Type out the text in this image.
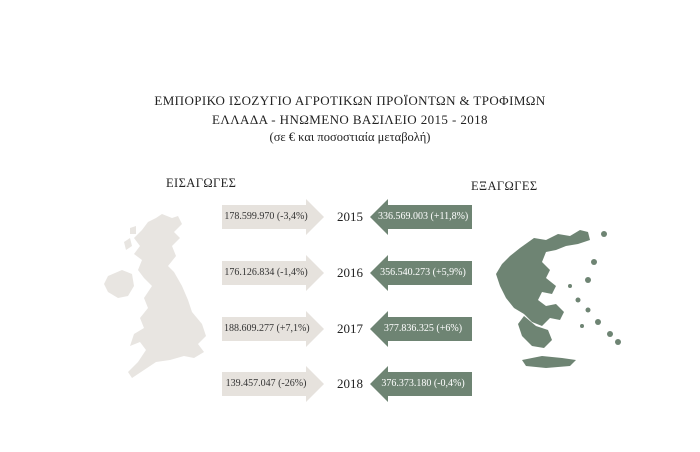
ΕΜΠΟΡΙΚΟ ΙΣΟΖΥΓΙΟ ΑΓΡΟΤΙΚΩΝ ΠΡΟΪΟΝΤΩΝ & ΤΡΟΦΙΜΩΝ
ΕΛΛΑΔΑ - ΗΝΩΜΕΝΟ ΒΑΣΙΛΕΙΟ 2015 - 2018
(σε € και ποσοστιαία μεταβολή)
ΕΙΣΑΓΩΓΕΣ	ΕΞΑΓΩΓΕΣ
178.599.970 (-3,4%)	2015	336.569.003 (+11,8%)
176.126.834 (-1,4%)	2016	356.540.273 (+5,9%)
188.609.277 (+7,1%)	2017	377.836.325 (+6%)
139.457.047 (-26%)	2018	376.373.180 (-0,4%)
